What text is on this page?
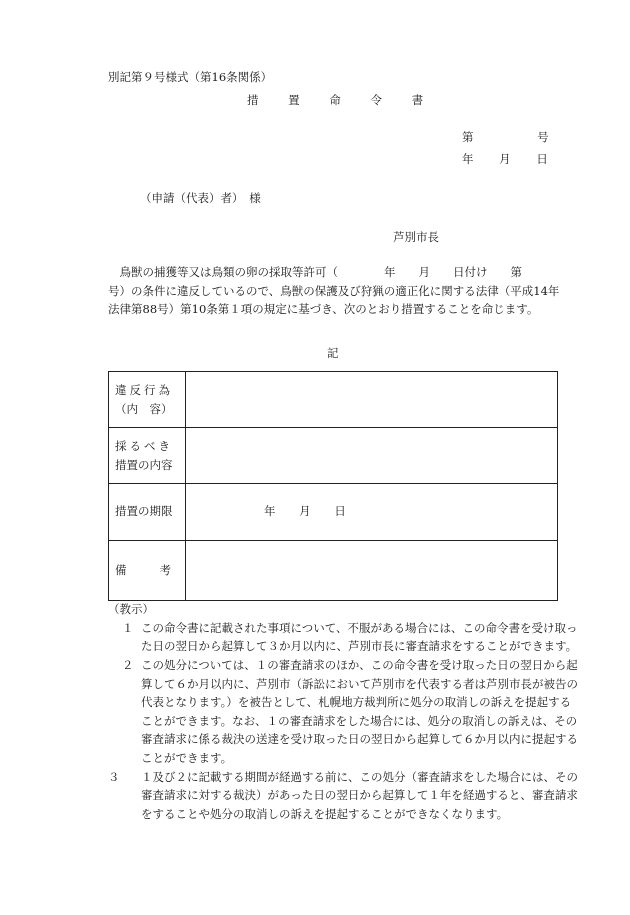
別記第９号様式（第16条関係）
措	置	命	令	書
第	号
年 月 日
（申請（代表）者）　様
芦別市長
　鳥獣の捕獲等又は鳥類の卵の採取等許可（　　　　年　　月　　日付け　　第
号）の条件に違反しているので、鳥獣の保護及び狩猟の適正化に関する法律（平成14年
法律第88号）第10条第１項の規定に基づき、次のとおり措置することを命じます。
記
違反行為
（内　容）	

採るべき
措置の内容	

措置の期限	年 月 日

備 考	

（教示）
１ この命令書に記載された事項について、不服がある場合には、この命令書を受け取った日の翌日から起算して３か月以内に、芦別市長に審査請求をすることができます。
２ この処分については、１の審査請求のほか、この命令書を受け取った日の翌日から起算して６か月以内に、芦別市（訴訟において芦別市を代表する者は芦別市長が被告の代表となります。）を被告として、札幌地方裁判所に処分の取消しの訴えを提起することができます。なお、１の審査請求をした場合には、処分の取消しの訴えは、その審査請求に係る裁決の送達を受け取った日の翌日から起算して６か月以内に提起することができます。
３ １及び２に記載する期間が経過する前に、この処分（審査請求をした場合には、その審査請求に対する裁決）があった日の翌日から起算して１年を経過すると、審査請求をすることや処分の取消しの訴えを提起することができなくなります。
